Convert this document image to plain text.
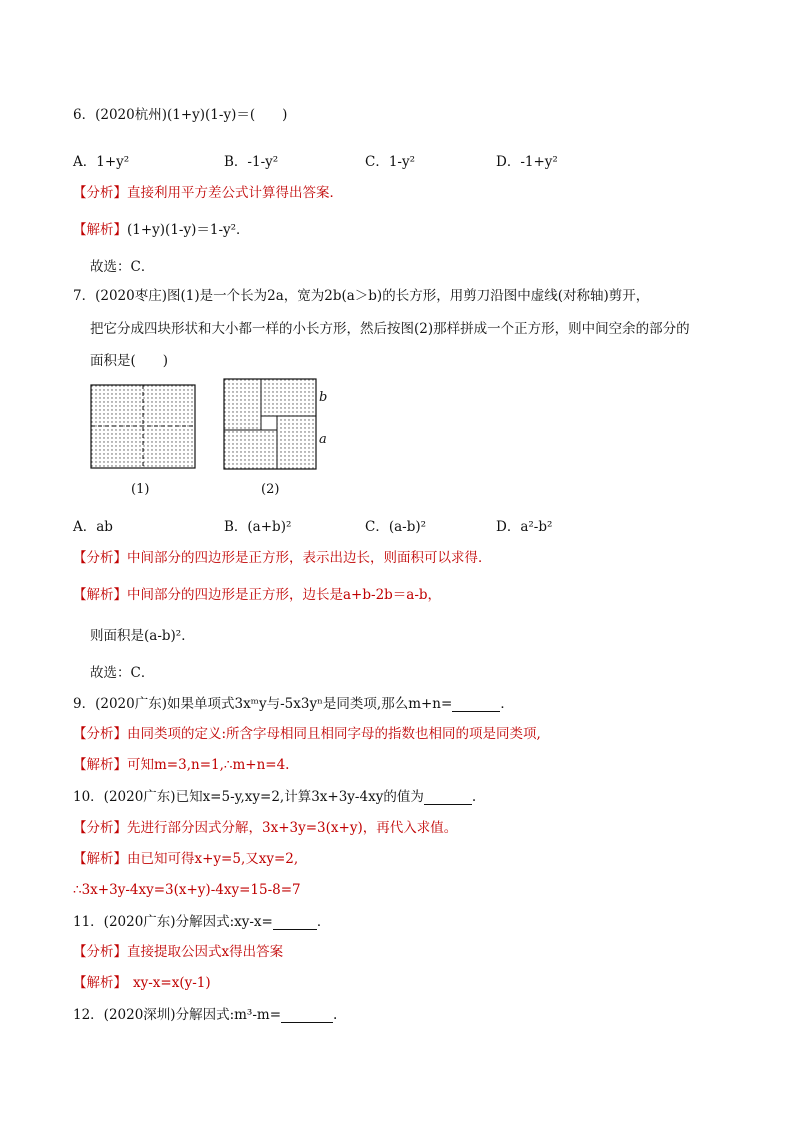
6．(2020杭州)(1+y)(1-y)＝(　　)
A．1+y²	B．-1-y²	C．1-y²	D．-1+y²
【分析】直接利用平方差公式计算得出答案．
【解析】(1+y)(1-y)＝1-y²．
故选：C．
7．(2020枣庄)图(1)是一个长为2a，宽为2b(a＞b)的长方形，用剪刀沿图中虚线(对称轴)剪开，
把它分成四块形状和大小都一样的小长方形，然后按图(2)那样拼成一个正方形，则中间空余的部分的
面积是(　　)
(1)
b
a
(2)
A．ab	B．(a+b)²	C．(a-b)²	D．a²-b²
【分析】中间部分的四边形是正方形，表示出边长，则面积可以求得．
【解析】中间部分的四边形是正方形，边长是a+b-2b＝a-b，
则面积是(a-b)²．
故选：C．
9．(2020广东)如果单项式3xᵐy与-5x3yⁿ是同类项,那么m+n=	．
【分析】由同类项的定义:所含字母相同且相同字母的指数也相同的项是同类项,
【解析】可知m=3,n=1,∴m+n=4.
10．(2020广东)已知x=5-y,xy=2,计算3x+3y-4xy的值为	.
【分析】先进行部分因式分解，3x+3y=3(x+y)，再代入求值。
【解析】由已知可得x+y=5,又xy=2,
∴3x+3y-4xy=3(x+y)-4xy=15-8=7
11．(2020广东)分解因式:xy-x=	．
【分析】直接提取公因式x得出答案
【解析】 xy-x=x(y-1)
12．(2020深圳)分解因式:m³-m=	.
